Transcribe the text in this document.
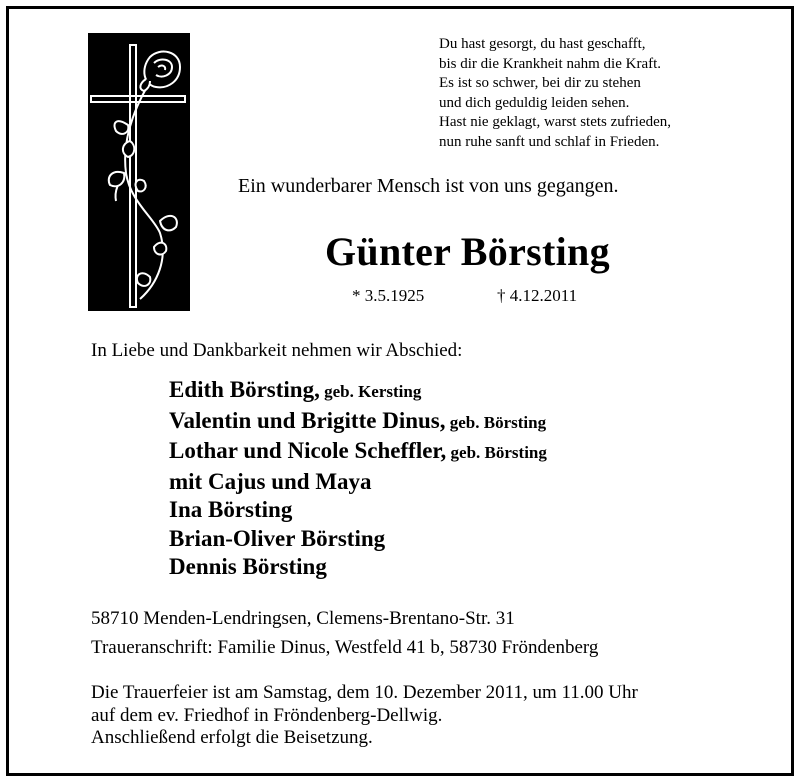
Du hast gesorgt, du hast geschafft,
bis dir die Krankheit nahm die Kraft.
Es ist so schwer, bei dir zu stehen
und dich geduldig leiden sehen.
Hast nie geklagt, warst stets zufrieden,
nun ruhe sanft und schlaf in Frieden.
Ein wunderbarer Mensch ist von uns gegangen.
Günter Börsting
* 3.5.1925	† 4.12.2011
In Liebe und Dankbarkeit nehmen wir Abschied:
Edith Börsting, geb. Kersting
Valentin und Brigitte Dinus, geb. Börsting
Lothar und Nicole Scheffler, geb. Börsting
mit Cajus und Maya
Ina Börsting
Brian-Oliver Börsting
Dennis Börsting
58710 Menden-Lendringsen, Clemens-Brentano-Str. 31
Traueranschrift: Familie Dinus, Westfeld 41 b, 58730 Fröndenberg
Die Trauerfeier ist am Samstag, dem 10. Dezember 2011, um 11.00 Uhr
auf dem ev. Friedhof in Fröndenberg-Dellwig.
Anschließend erfolgt die Beisetzung.
